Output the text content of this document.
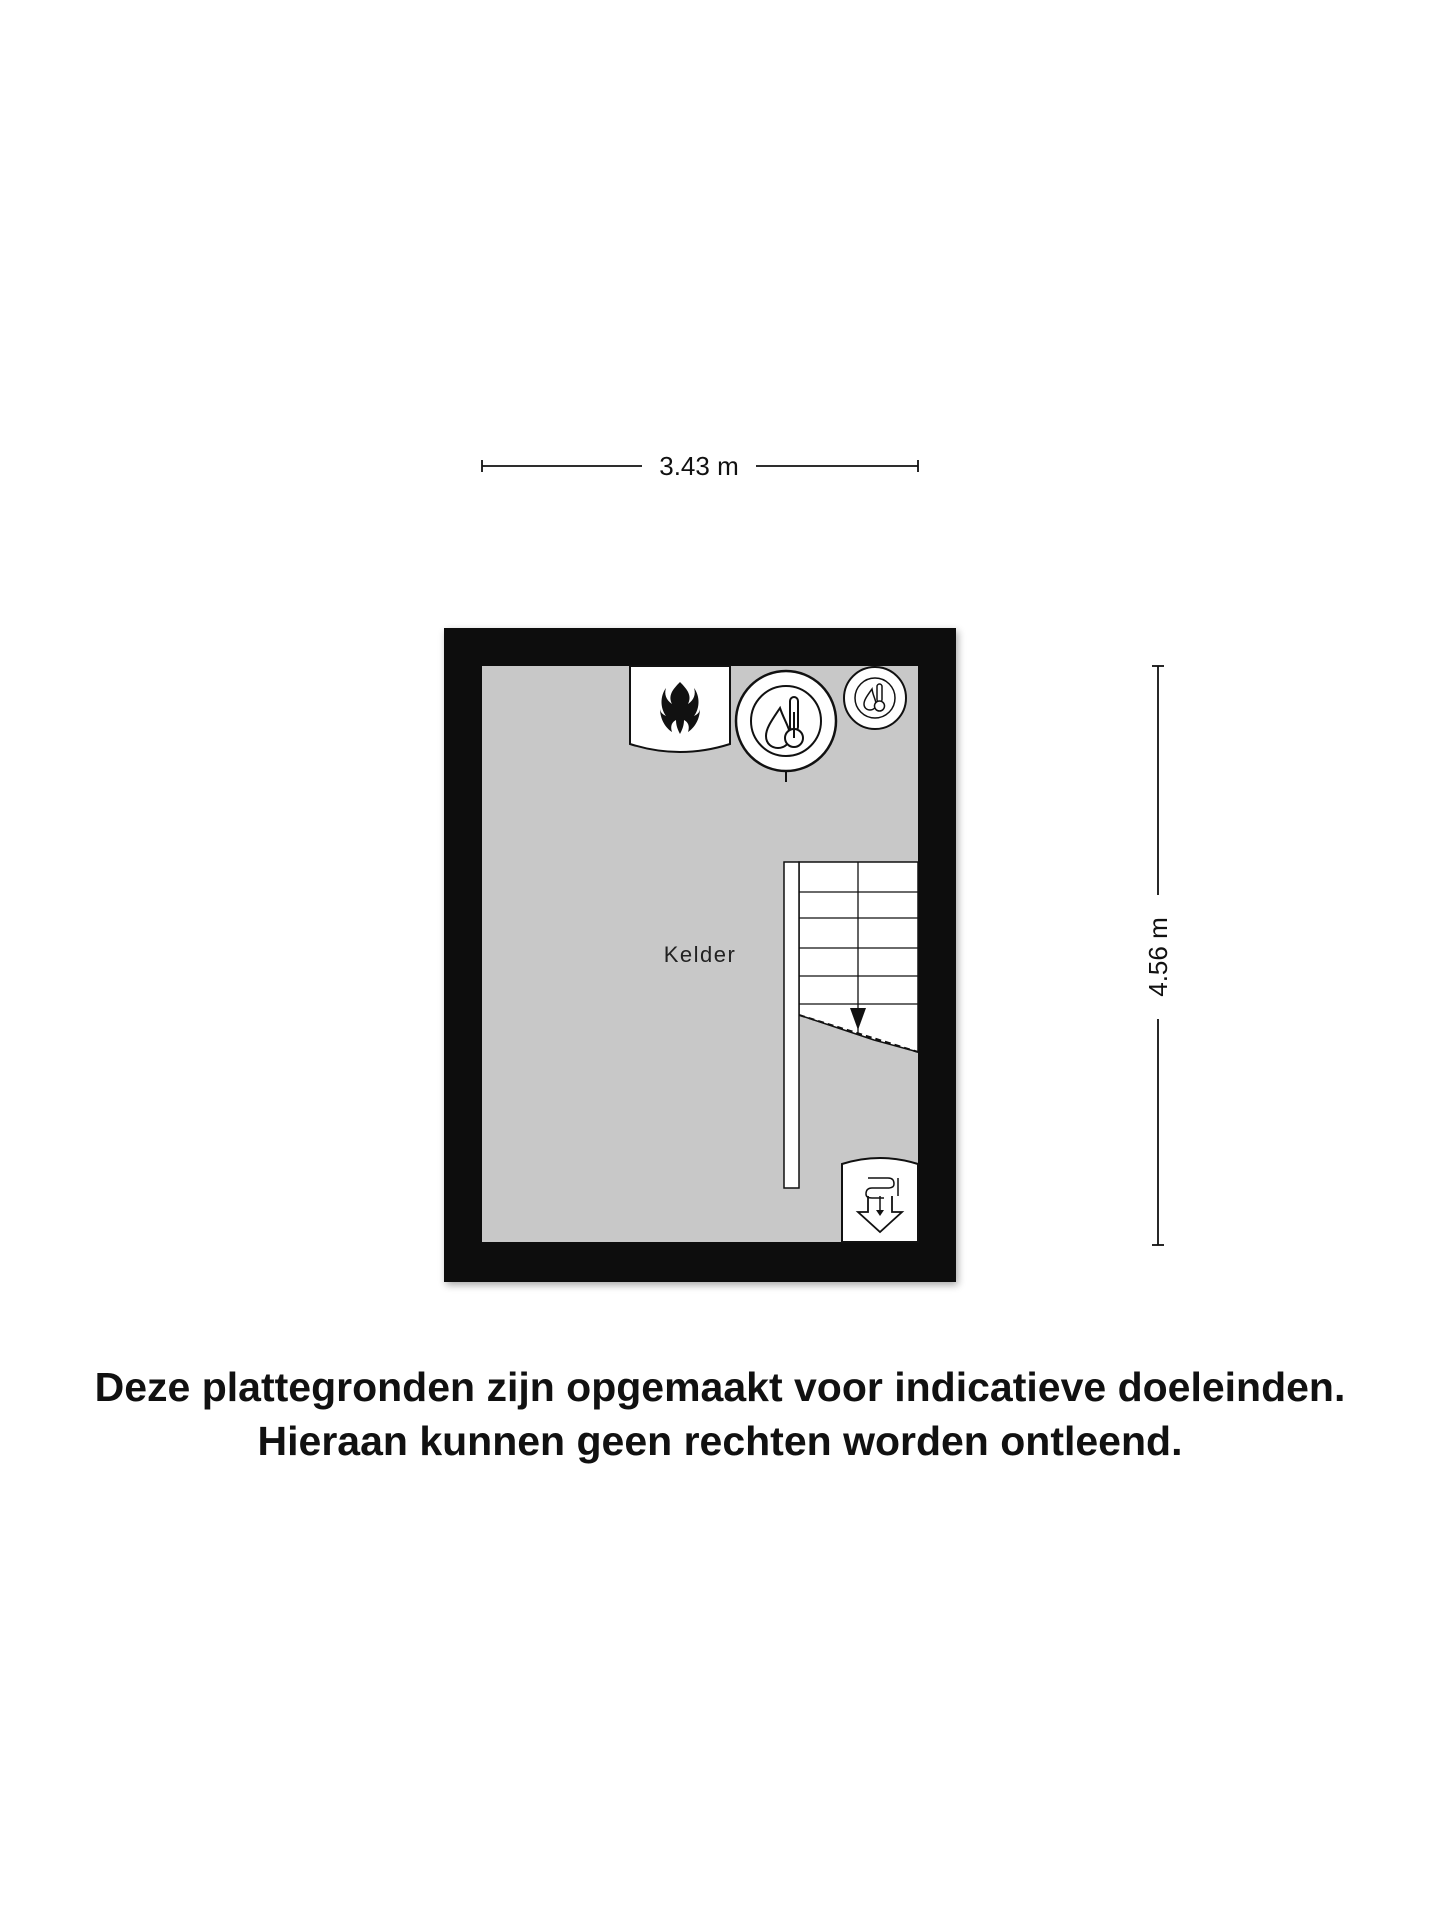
3.43 m
4.56 m
Kelder
Deze plattegronden zijn opgemaakt voor indicatieve doeleinden.
Hieraan kunnen geen rechten worden ontleend.
